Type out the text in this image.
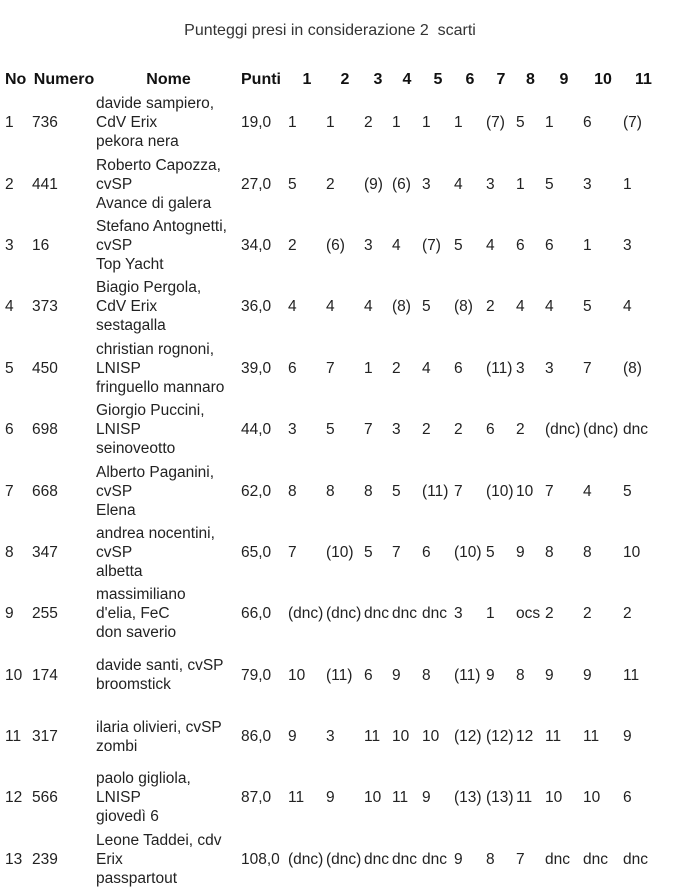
Punteggi presi in considerazione 2  scarti
No	Numero	Nome	Punti	1	2	3	4	5	6	7	8	9	10	11
1	736	davide sampiero,
CdV Erix
pekora nera	19,0	1	1	2	1	1	1	(7)	5	1	6	(7)
2	441	Roberto Capozza,
cvSP
Avance di galera	27,0	5	2	(9)	(6)	3	4	3	1	5	3	1
3	16	Stefano Antognetti,
cvSP
Top Yacht	34,0	2	(6)	3	4	(7)	5	4	6	6	1	3
4	373	Biagio Pergola,
CdV Erix
sestagalla	36,0	4	4	4	(8)	5	(8)	2	4	4	5	4
5	450	christian rognoni,
LNISP
fringuello mannaro	39,0	6	7	1	2	4	6	(11)	3	3	7	(8)
6	698	Giorgio Puccini,
LNISP
seinoveotto	44,0	3	5	7	3	2	2	6	2	(dnc)	(dnc)	dnc
7	668	Alberto Paganini,
cvSP
Elena	62,0	8	8	8	5	(11)	7	(10)	10	7	4	5
8	347	andrea nocentini,
cvSP
albetta	65,0	7	(10)	5	7	6	(10)	5	9	8	8	10
9	255	massimiliano
d'elia, FeC
don saverio	66,0	(dnc)	(dnc)	dnc	dnc	dnc	3	1	ocs	2	2	2
10	174	davide santi, cvSP
broomstick	79,0	10	(11)	6	9	8	(11)	9	8	9	9	11
11	317	ilaria olivieri, cvSP
zombi	86,0	9	3	11	10	10	(12)	(12)	12	11	11	9
12	566	paolo gigliola,
LNISP
giovedì 6	87,0	11	9	10	11	9	(13)	(13)	11	10	10	6
13	239	Leone Taddei, cdv
Erix
passpartout	108,0	(dnc)	(dnc)	dnc	dnc	dnc	9	8	7	dnc	dnc	dnc
